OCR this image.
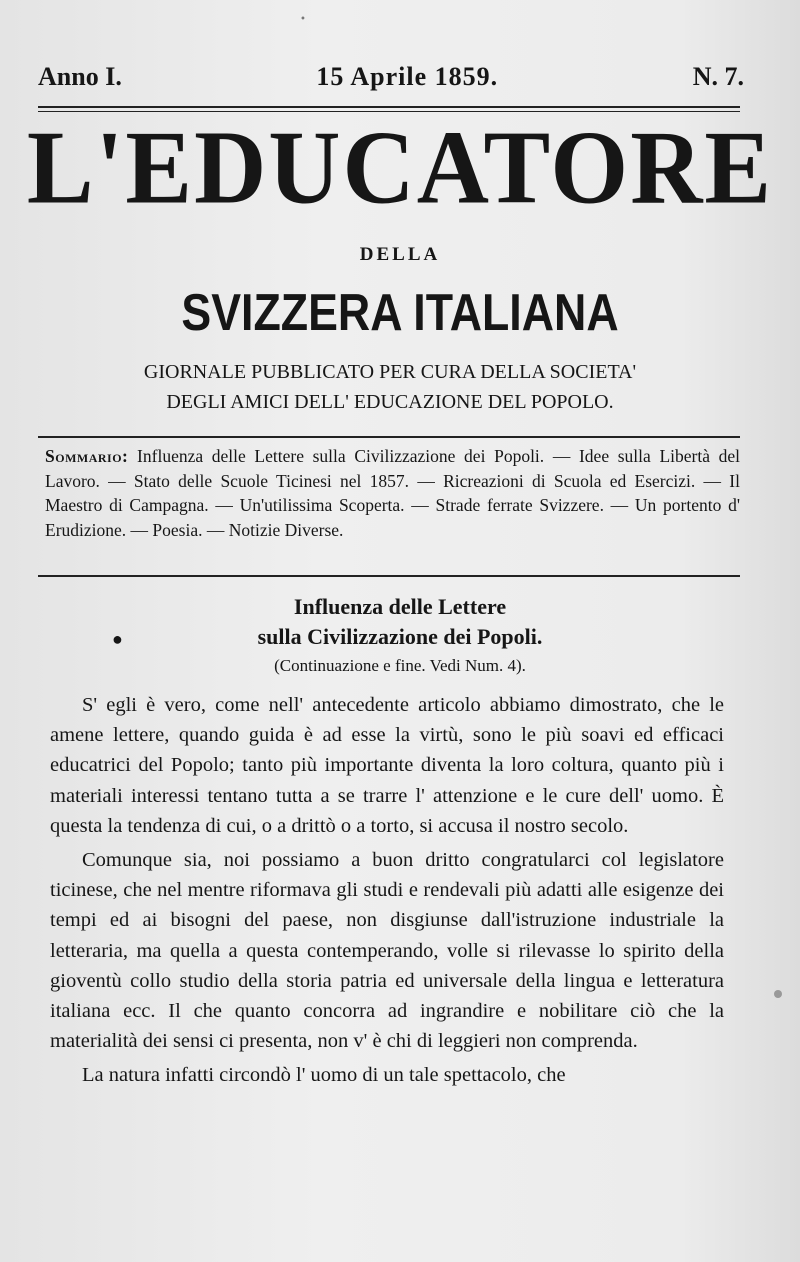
•
Anno I.	15 Aprile 1859.	N. 7.
L'EDUCATORE
DELLA
SVIZZERA ITALIANA
GIORNALE PUBBLICATO PER CURA DELLA SOCIETA'
DEGLI AMICI DELL' EDUCAZIONE DEL POPOLO.
Sommario: Influenza delle Lettere sulla Civilizzazione dei Popoli. — Idee sulla Libertà del Lavoro. — Stato delle Scuole Ticinesi nel 1857. — Ricreazioni di Scuola ed Esercizi. — Il Maestro di Campagna. — Un'utilissima Scoperta. — Strade ferrate Svizzere. — Un portento d' Erudizione. — Poesia. — Notizie Diverse.
Influenza delle Lettere
sulla Civilizzazione dei Popoli.
●
(Continuazione e fine. Vedi Num. 4).

S' egli è vero, come nell' antecedente articolo abbiamo dimostrato, che le amene lettere, quando guida è ad esse la virtù, sono le più soavi ed efficaci educatrici del Popolo; tanto più importante diventa la loro coltura, quanto più i materiali interessi tentano tutta a se trarre l' attenzione e le cure dell' uomo. È questa la tendenza di cui, o a drittò o a torto, si accusa il nostro secolo.

Comunque sia, noi possiamo a buon dritto congratularci col legislatore ticinese, che nel mentre riformava gli studi e rendevali più adatti alle esigenze dei tempi ed ai bisogni del paese, non disgiunse dall'istruzione industriale la letteraria, ma quella a questa contemperando, volle si rilevasse lo spirito della gioventù collo studio della storia patria ed universale della lingua e letteratura italiana ecc. Il che quanto concorra ad ingrandire e nobilitare ciò che la materialità dei sensi ci presenta, non v' è chi di leggieri non comprenda.

La natura infatti circondò l' uomo di un tale spettacolo, che
